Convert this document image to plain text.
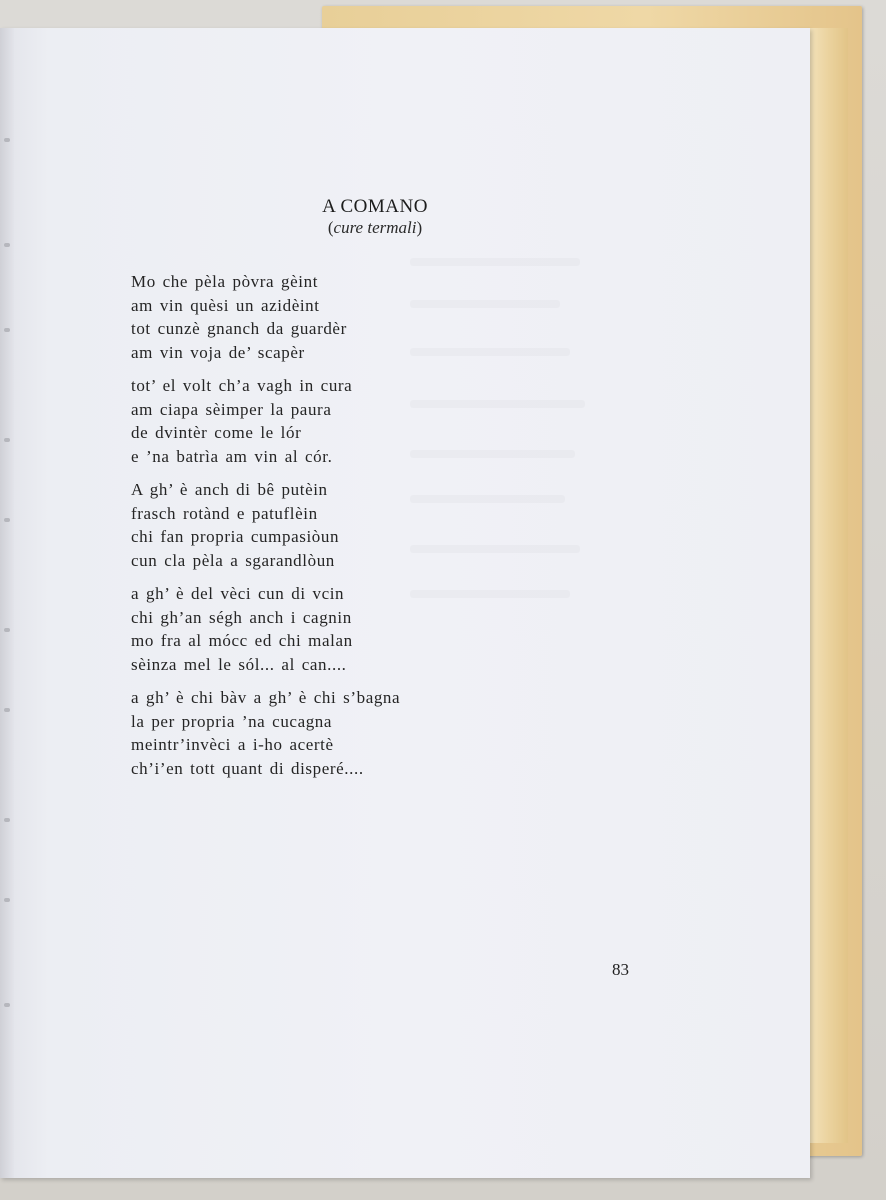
A COMANO
(cure termali)
Mo che pèla pòvra gèint
am vin quèsi un azidèint
tot cunzè gnanch da guardèr
am vin voja de’ scapèr
tot’ el volt ch’a vagh in cura
am ciapa sèimper la paura
de dvintèr come le lór
e ’na batrìa am vin al cór.
A gh’ è anch di bê putèin
frasch rotànd e patuflèin
chi fan propria cumpasiòun
cun cla pèla a sgarandlòun
a gh’ è del vèci cun di vcin
chi gh’an ségh anch i cagnin
mo fra al mócc ed chi malan
sèinza mel le sól... al can....
a gh’ è chi bàv a gh’ è chi s’bagna
la per propria ’na cucagna
meintr’invèci a i-ho acertè
ch’i’en tott quant di disperé....
83
